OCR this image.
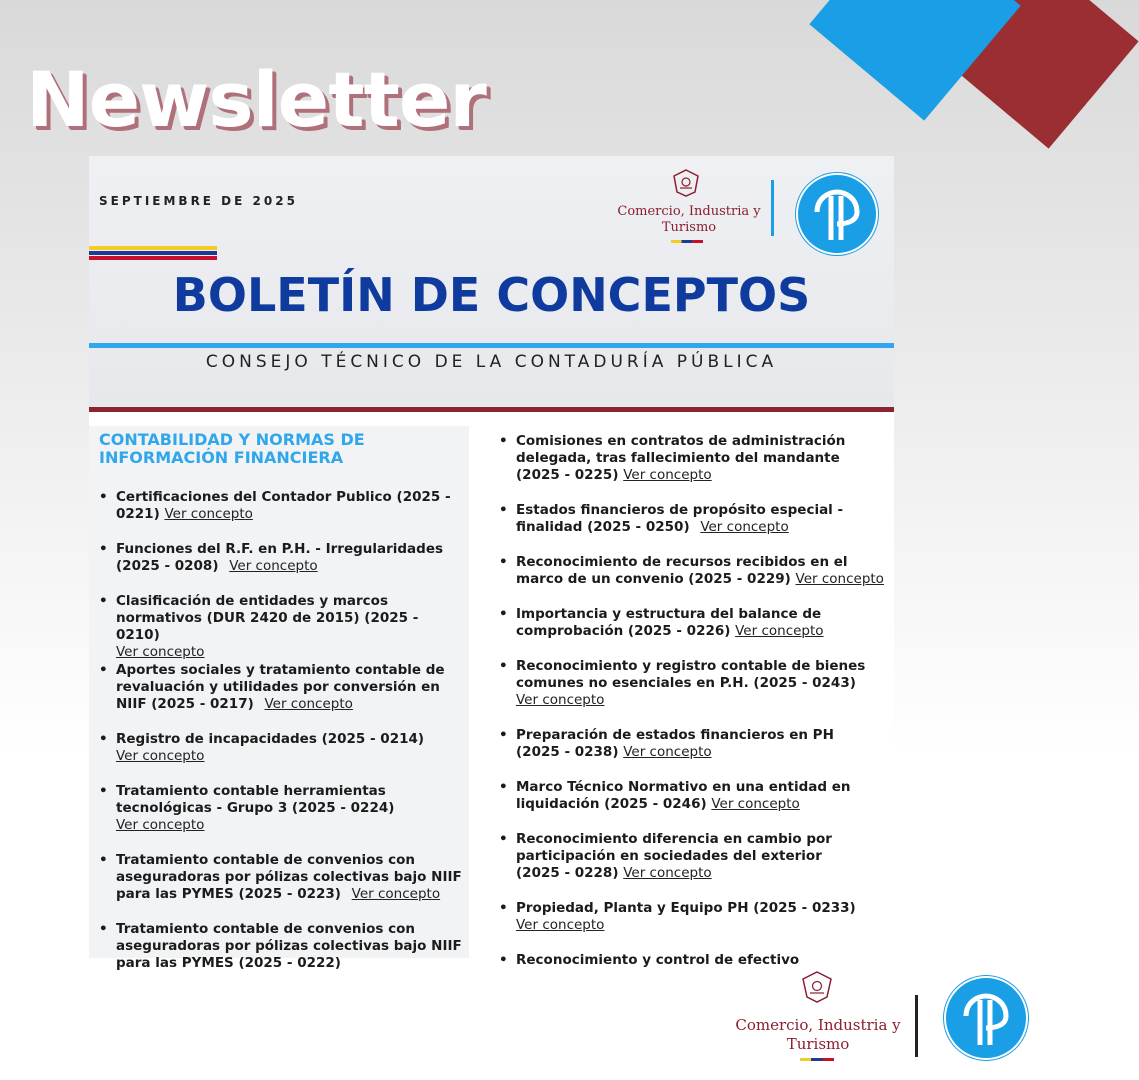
Newsletter
SEPTIEMBRE DE 2025
Comercio, Industria y Turismo
BOLETÍN DE CONCEPTOS
CONSEJO TÉCNICO DE LA CONTADURÍA PÚBLICA
CONTABILIDAD Y NORMAS DE INFORMACIÓN FINANCIERA
• Certificaciones del Contador Publico (2025 - 0221) Ver concepto
• Funciones del R.F. en P.H. - Irregularidades (2025 - 0208) Ver concepto
• Clasificación de entidades y marcos normativos (DUR 2420 de 2015) (2025 - 0210)
Ver concepto
• Aportes sociales y tratamiento contable de revaluación y utilidades por conversión en NIIF (2025 - 0217) Ver concepto
• Registro de incapacidades (2025 - 0214)
Ver concepto
• Tratamiento contable herramientas tecnológicas - Grupo 3 (2025 - 0224)
Ver concepto
• Tratamiento contable de convenios con aseguradoras por pólizas colectivas bajo NIIF para las PYMES (2025 - 0223) Ver concepto
• Tratamiento contable de convenios con aseguradoras por pólizas colectivas bajo NIIF para las PYMES (2025 - 0222)
• Comisiones en contratos de administración delegada, tras fallecimiento del mandante (2025 - 0225) Ver concepto
• Estados financieros de propósito especial - finalidad (2025 - 0250) Ver concepto
• Reconocimiento de recursos recibidos en el marco de un convenio (2025 - 0229) Ver concepto
• Importancia y estructura del balance de comprobación (2025 - 0226) Ver concepto
• Reconocimiento y registro contable de bienes comunes no esenciales en P.H. (2025 - 0243)
Ver concepto
• Preparación de estados financieros en PH (2025 - 0238) Ver concepto
• Marco Técnico Normativo en una entidad en liquidación (2025 - 0246) Ver concepto
• Reconocimiento diferencia en cambio por participación en sociedades del exterior (2025 - 0228) Ver concepto
• Propiedad, Planta y Equipo PH (2025 - 0233)
Ver concepto
• Reconocimiento y control de efectivo
Comercio, Industria y Turismo
